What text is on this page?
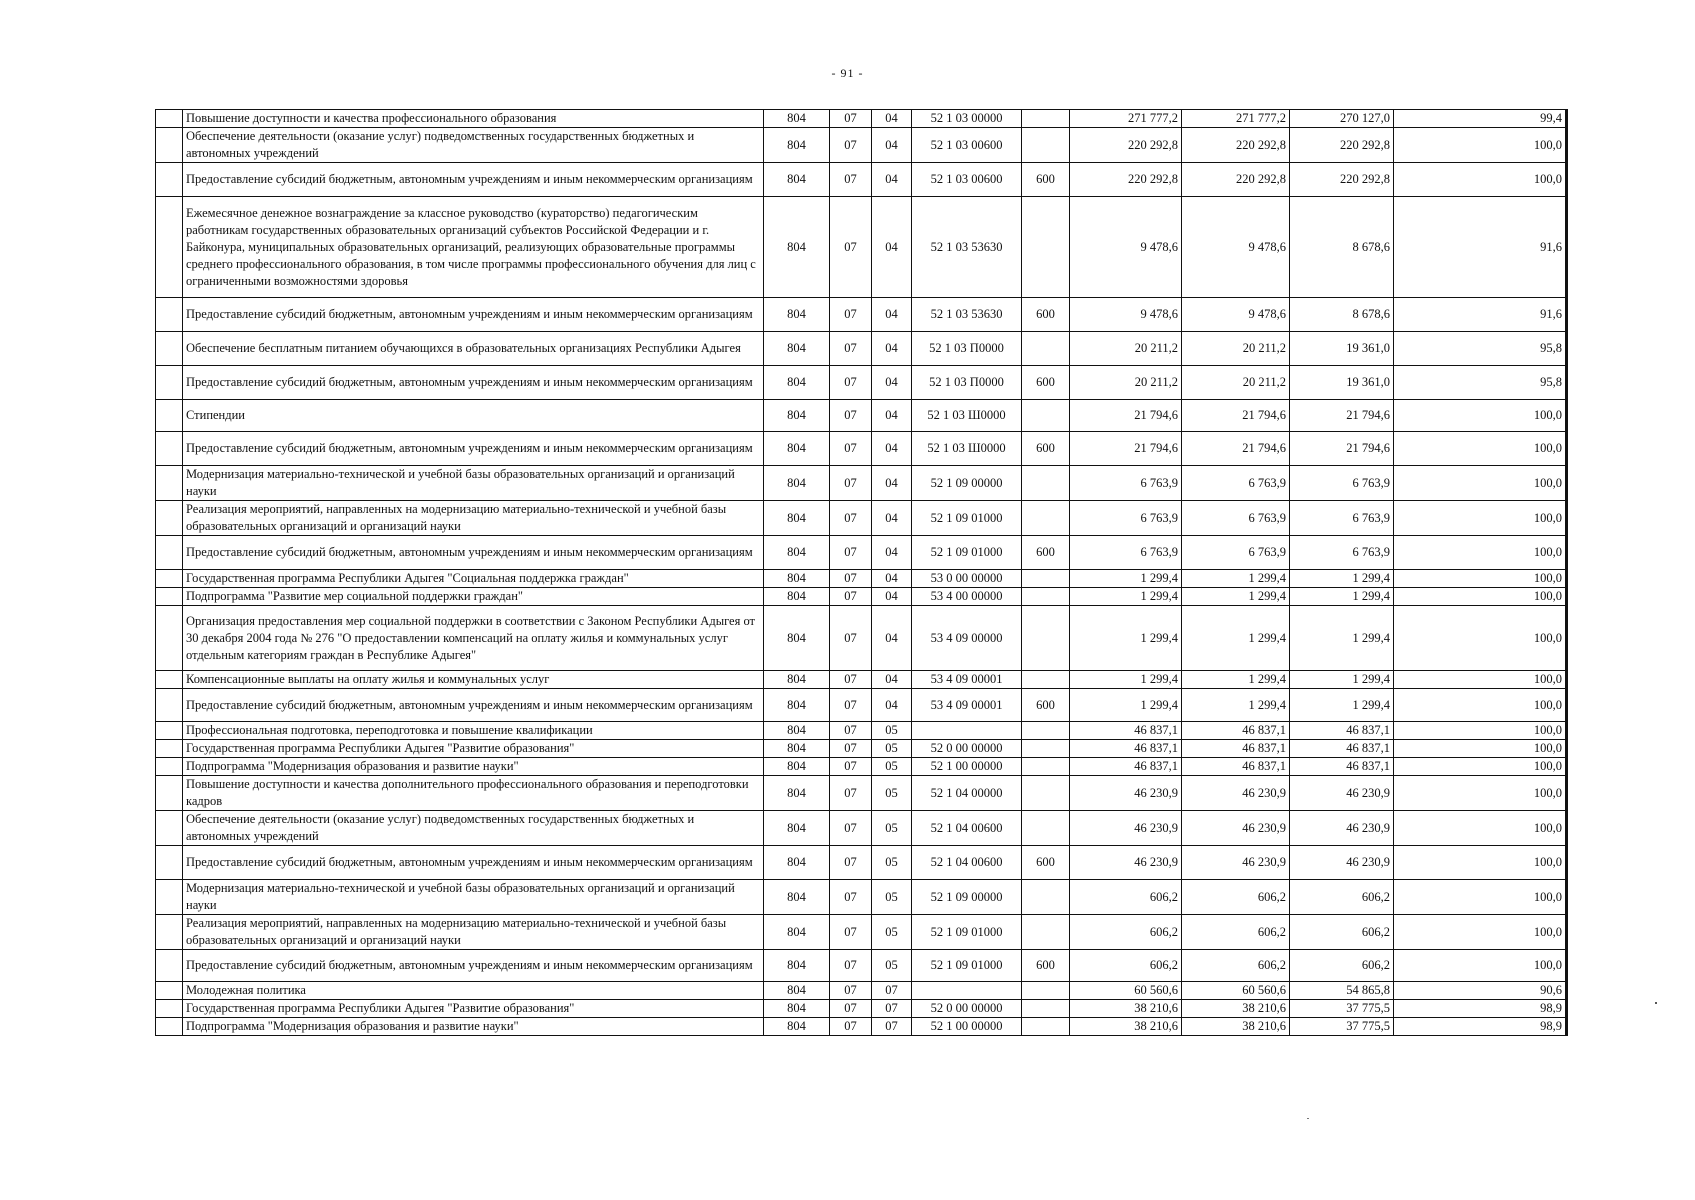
- 91 -
	Повышение доступности и качества профессионального образования	804	07	04	52 1 03 00000		271 777,2	271 777,2	270 127,0	99,4
	Обеспечение деятельности (оказание услуг) подведомственных государственных бюджетных и автономных учреждений	804	07	04	52 1 03 00600		220 292,8	220 292,8	220 292,8	100,0
	Предоставление субсидий бюджетным, автономным учреждениям и иным некоммерческим организациям	804	07	04	52 1 03 00600	600	220 292,8	220 292,8	220 292,8	100,0
	Ежемесячное денежное вознаграждение за классное руководство (кураторство) педагогическим работникам государственных образовательных организаций субъектов Российской Федерации и г. Байконура, муниципальных образовательных организаций, реализующих образовательные программы среднего профессионального образования, в том числе программы профессионального обучения для лиц с ограниченными возможностями здоровья	804	07	04	52 1 03 53630		9 478,6	9 478,6	8 678,6	91,6
	Предоставление субсидий бюджетным, автономным учреждениям и иным некоммерческим организациям	804	07	04	52 1 03 53630	600	9 478,6	9 478,6	8 678,6	91,6
	Обеспечение бесплатным питанием обучающихся в образовательных организациях Республики Адыгея	804	07	04	52 1 03 П0000		20 211,2	20 211,2	19 361,0	95,8
	Предоставление субсидий бюджетным, автономным учреждениям и иным некоммерческим организациям	804	07	04	52 1 03 П0000	600	20 211,2	20 211,2	19 361,0	95,8
	Стипендии	804	07	04	52 1 03 Ш0000		21 794,6	21 794,6	21 794,6	100,0
	Предоставление субсидий бюджетным, автономным учреждениям и иным некоммерческим организациям	804	07	04	52 1 03 Ш0000	600	21 794,6	21 794,6	21 794,6	100,0
	Модернизация материально-технической и учебной базы образовательных организаций и организаций науки	804	07	04	52 1 09 00000		6 763,9	6 763,9	6 763,9	100,0
	Реализация мероприятий, направленных на модернизацию материально-технической и учебной базы образовательных организаций и организаций науки	804	07	04	52 1 09 01000		6 763,9	6 763,9	6 763,9	100,0
	Предоставление субсидий бюджетным, автономным учреждениям и иным некоммерческим организациям	804	07	04	52 1 09 01000	600	6 763,9	6 763,9	6 763,9	100,0
	Государственная программа Республики Адыгея "Социальная поддержка граждан"	804	07	04	53 0 00 00000		1 299,4	1 299,4	1 299,4	100,0
	Подпрограмма "Развитие мер социальной поддержки граждан"	804	07	04	53 4 00 00000		1 299,4	1 299,4	1 299,4	100,0
	Организация предоставления мер социальной поддержки в соответствии с Законом Республики Адыгея от 30 декабря 2004 года № 276 "О предоставлении компенсаций на оплату жилья и коммунальных услуг отдельным категориям граждан в Республике Адыгея"	804	07	04	53 4 09 00000		1 299,4	1 299,4	1 299,4	100,0
	Компенсационные выплаты на оплату жилья и коммунальных услуг	804	07	04	53 4 09 00001		1 299,4	1 299,4	1 299,4	100,0
	Предоставление субсидий бюджетным, автономным учреждениям и иным некоммерческим организациям	804	07	04	53 4 09 00001	600	1 299,4	1 299,4	1 299,4	100,0
	Профессиональная подготовка, переподготовка и повышение квалификации	804	07	05			46 837,1	46 837,1	46 837,1	100,0
	Государственная программа Республики Адыгея "Развитие образования"	804	07	05	52 0 00 00000		46 837,1	46 837,1	46 837,1	100,0
	Подпрограмма "Модернизация образования и развитие науки"	804	07	05	52 1 00 00000		46 837,1	46 837,1	46 837,1	100,0
	Повышение доступности и качества дополнительного профессионального образования и переподготовки кадров	804	07	05	52 1 04 00000		46 230,9	46 230,9	46 230,9	100,0
	Обеспечение деятельности (оказание услуг) подведомственных государственных бюджетных и автономных учреждений	804	07	05	52 1 04 00600		46 230,9	46 230,9	46 230,9	100,0
	Предоставление субсидий бюджетным, автономным учреждениям и иным некоммерческим организациям	804	07	05	52 1 04 00600	600	46 230,9	46 230,9	46 230,9	100,0
	Модернизация материально-технической и учебной базы образовательных организаций и организаций науки	804	07	05	52 1 09 00000		606,2	606,2	606,2	100,0
	Реализация мероприятий, направленных на модернизацию материально-технической и учебной базы образовательных организаций и организаций науки	804	07	05	52 1 09 01000		606,2	606,2	606,2	100,0
	Предоставление субсидий бюджетным, автономным учреждениям и иным некоммерческим организациям	804	07	05	52 1 09 01000	600	606,2	606,2	606,2	100,0
	Молодежная политика	804	07	07			60 560,6	60 560,6	54 865,8	90,6
	Государственная программа Республики Адыгея "Развитие образования"	804	07	07	52 0 00 00000		38 210,6	38 210,6	37 775,5	98,9
	Подпрограмма "Модернизация образования и развитие науки"	804	07	07	52 1 00 00000		38 210,6	38 210,6	37 775,5	98,9
